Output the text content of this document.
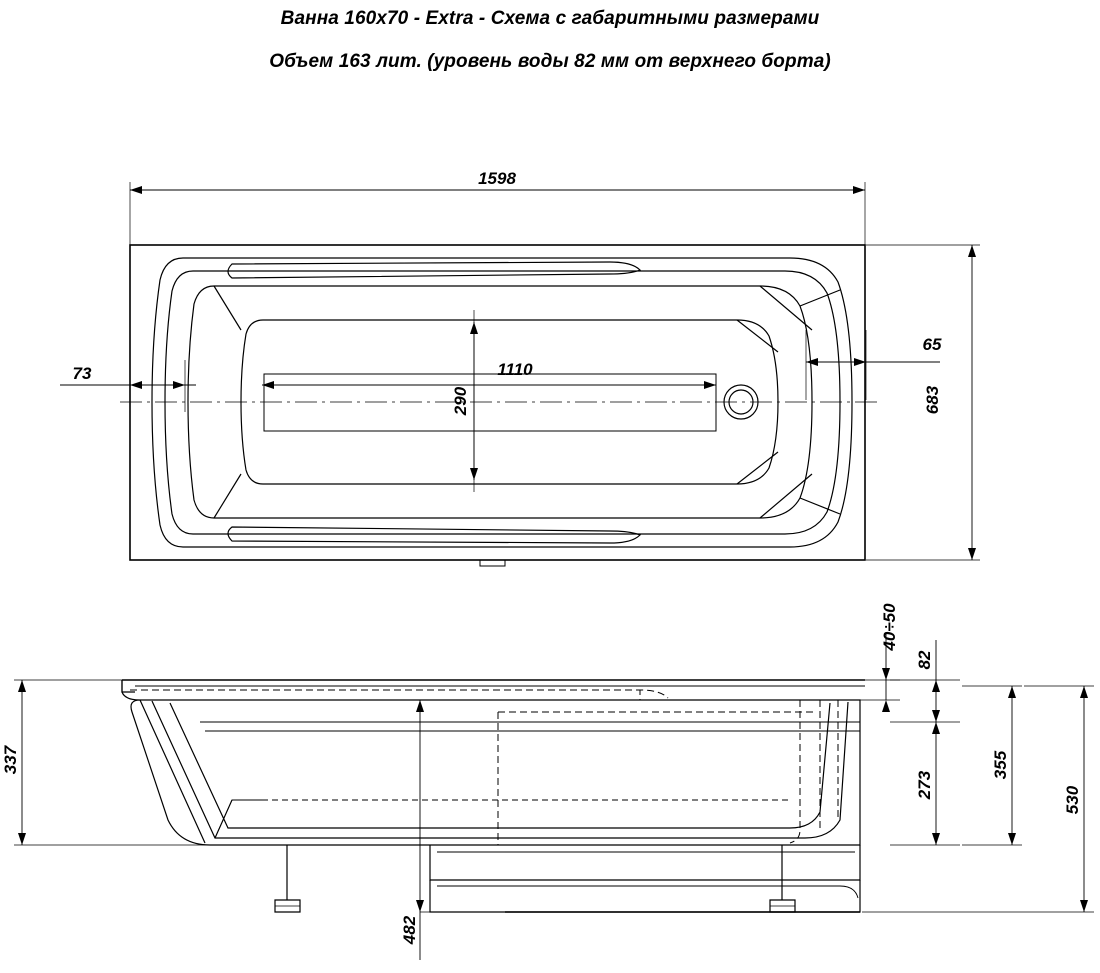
Ванна 160х70 - Extra - Схема с габаритными размерами
Объем 163 лит. (уровень воды 82 мм от верхнего борта)
1598
65
73	1110
290	683
337
482
40÷50
82
273
355
530
